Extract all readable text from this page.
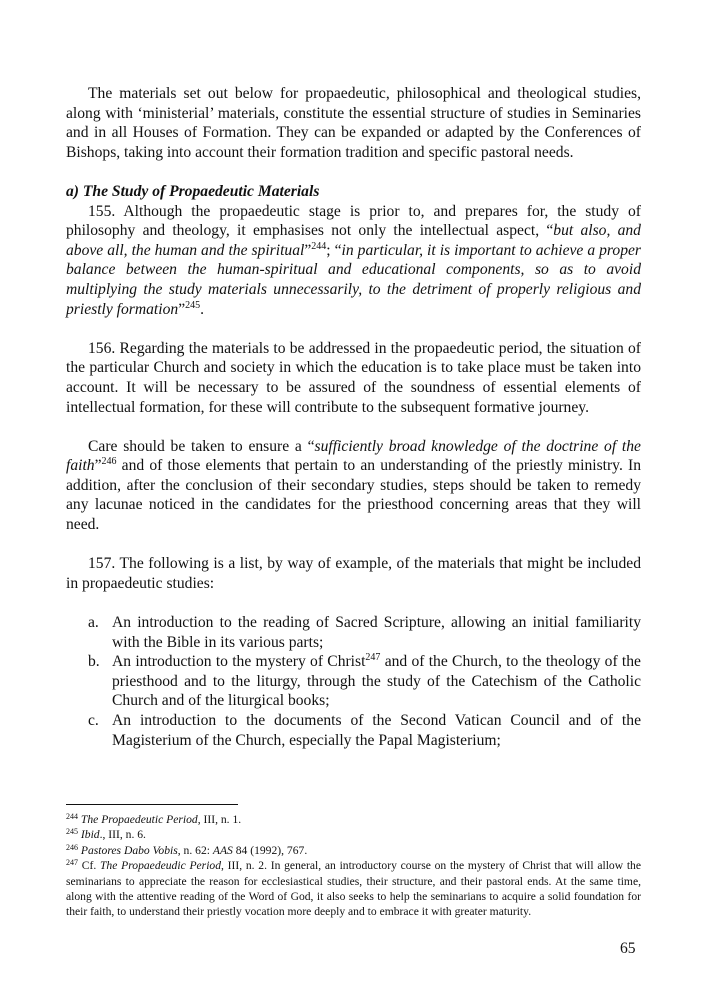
The materials set out below for propaedeutic, philosophical and theological studies, along with ‘ministerial’ materials, constitute the essential structure of studies in Seminaries and in all Houses of Formation. They can be expanded or adapted by the Conferences of Bishops, taking into account their formation tradition and specific pastoral needs.

a) The Study of Propaedeutic Materials

155. Although the propaedeutic stage is prior to, and prepares for, the study of philosophy and theology, it emphasises not only the intellectual aspect, “but also, and above all, the human and the spiritual”$^{244}$; “in particular, it is important to achieve a proper balance between the human-spiritual and educational components, so as to avoid multiplying the study materials unnecessarily, to the detriment of properly religious and priestly formation”$^{245}$.

156. Regarding the materials to be addressed in the propaedeutic period, the situation of the particular Church and society in which the education is to take place must be taken into account. It will be necessary to be assured of the soundness of essential elements of intellectual formation, for these will contribute to the subsequent formative journey.

Care should be taken to ensure a “sufficiently broad knowledge of the doctrine of the faith”$^{246}$ and of those elements that pertain to an understanding of the priestly ministry. In addition, after the conclusion of their secondary studies, steps should be taken to remedy any lacunae noticed in the candidates for the priesthood concerning areas that they will need.

157. The following is a list, by way of example, of the materials that might be included in propaedeutic studies:

a. An introduction to the reading of Sacred Scripture, allowing an initial familiarity with the Bible in its various parts;
b. An introduction to the mystery of Christ$^{247}$ and of the Church, to the theology of the priesthood and to the liturgy, through the study of the Catechism of the Catholic Church and of the liturgical books;
c. An introduction to the documents of the Second Vatican Council and of the Magisterium of the Church, especially the Papal Magisterium;

$^{244}$ The Propaedeutic Period, III, n. 1.

$^{245}$ Ibid., III, n. 6.

$^{246}$ Pastores Dabo Vobis, n. 62: AAS 84 (1992), 767.

$^{247}$ Cf. The Propaedeudic Period, III, n. 2. In general, an introductory course on the mystery of Christ that will allow the seminarians to appreciate the reason for ecclesiastical studies, their structure, and their pastoral ends. At the same time, along with the attentive reading of the Word of God, it also seeks to help the seminarians to acquire a solid foundation for their faith, to understand their priestly vocation more deeply and to embrace it with greater maturity.

65
